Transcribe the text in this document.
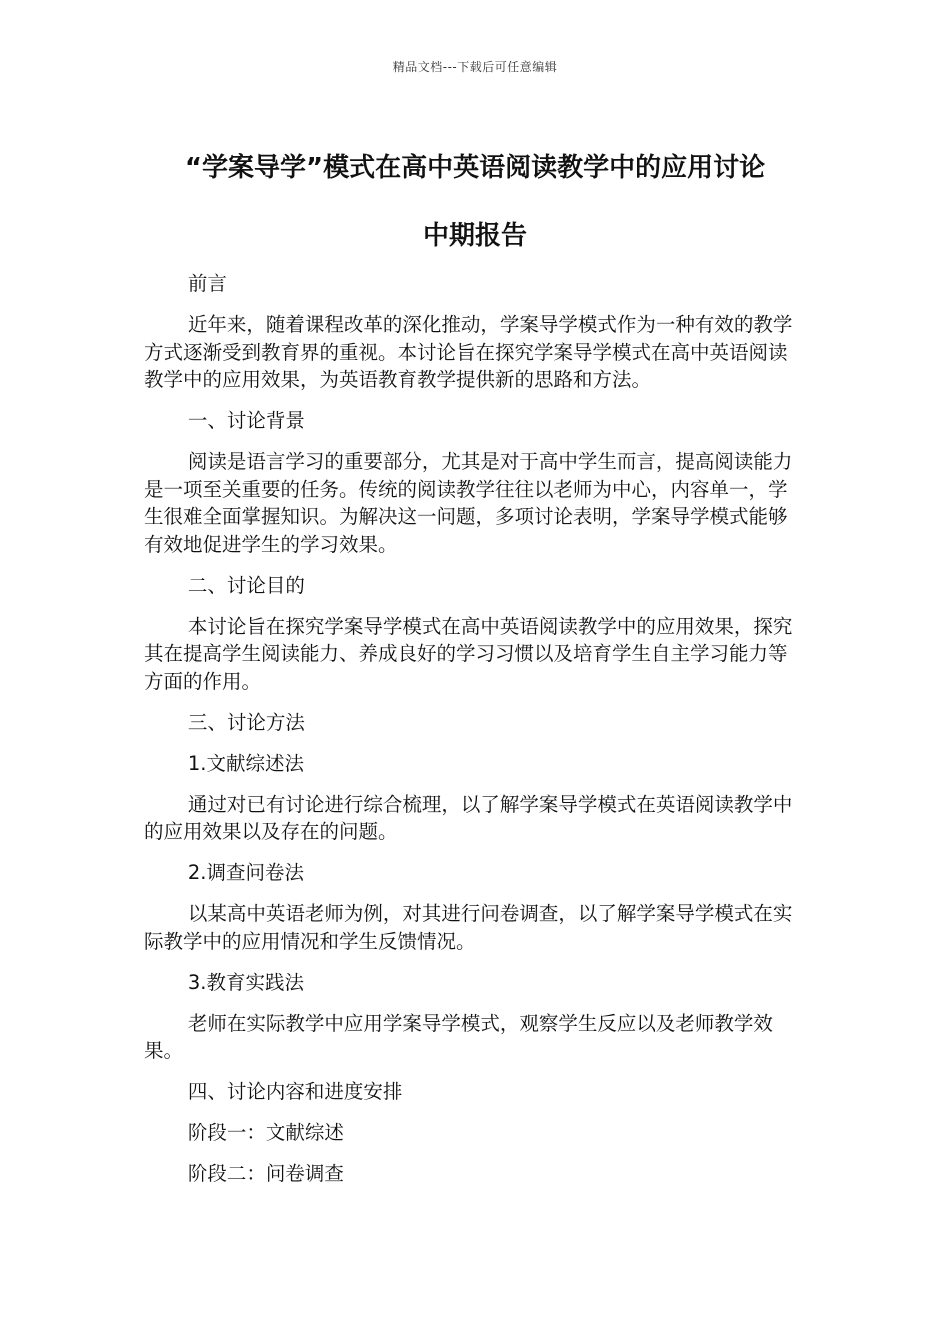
精品文档---下载后可任意编辑
“学案导学”模式在高中英语阅读教学中的应用讨论
中期报告

前言

近年来，随着课程改革的深化推动，学案导学模式作为一种有效的教学方式逐渐受到教育界的重视。本讨论旨在探究学案导学模式在高中英语阅读教学中的应用效果，为英语教育教学提供新的思路和方法。

一、讨论背景

阅读是语言学习的重要部分，尤其是对于高中学生而言，提高阅读能力是一项至关重要的任务。传统的阅读教学往往以老师为中心，内容单一，学生很难全面掌握知识。为解决这一问题，多项讨论表明，学案导学模式能够有效地促进学生的学习效果。

二、讨论目的

本讨论旨在探究学案导学模式在高中英语阅读教学中的应用效果，探究其在提高学生阅读能力、养成良好的学习习惯以及培育学生自主学习能力等方面的作用。

三、讨论方法

1.文献综述法

通过对已有讨论进行综合梳理，以了解学案导学模式在英语阅读教学中的应用效果以及存在的问题。

2.调查问卷法

以某高中英语老师为例，对其进行问卷调查，以了解学案导学模式在实际教学中的应用情况和学生反馈情况。

3.教育实践法

老师在实际教学中应用学案导学模式，观察学生反应以及老师教学效果。

四、讨论内容和进度安排

阶段一：文献综述

阶段二：问卷调查
